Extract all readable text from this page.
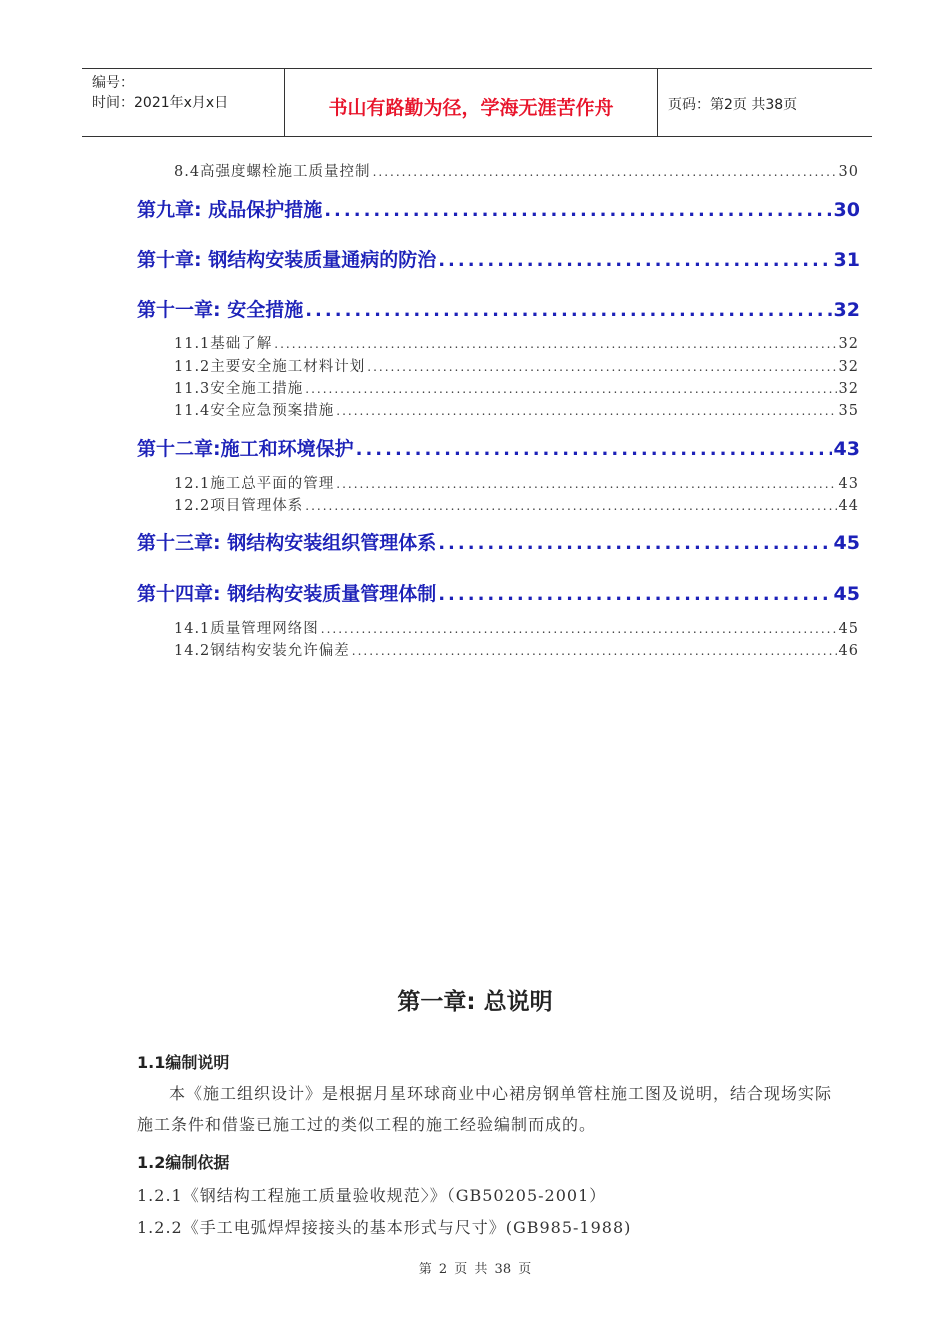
编号：
时间：2021年x月x日	书山有路勤为径，学海无涯苦作舟	页码：第2页 共38页
8.4高强度螺栓施工质量控制 .....	30
第九章: 成品保护措施 .....	30
第十章: 钢结构安装质量通病的防治 .....	31
第十一章: 安全措施 .....	32
11.1基础了解 .....	32
11.2主要安全施工材料计划 .....	32
11.3安全施工措施 .....	32
11.4安全应急预案措施 .....	35
第十二章:施工和环境保护 .....	43
12.1施工总平面的管理 .....	43
12.2项目管理体系 .....	44
第十三章: 钢结构安装组织管理体系 .....	45
第十四章: 钢结构安装质量管理体制 .....	45
14.1质量管理网络图 .....	45
14.2钢结构安装允许偏差 .....	46
第一章: 总说明
1.1编制说明
本《施工组织设计》是根据月星环球商业中心裙房钢单管柱施工图及说明，结合现场实际施工条件和借鉴已施工过的类似工程的施工经验编制而成的。
1.2编制依据
1.2.1《钢结构工程施工质量验收规范〉》（GB50205-2001）
1.2.2《手工电弧焊焊接接头的基本形式与尺寸》(GB985-1988)
第 2 页 共 38 页
